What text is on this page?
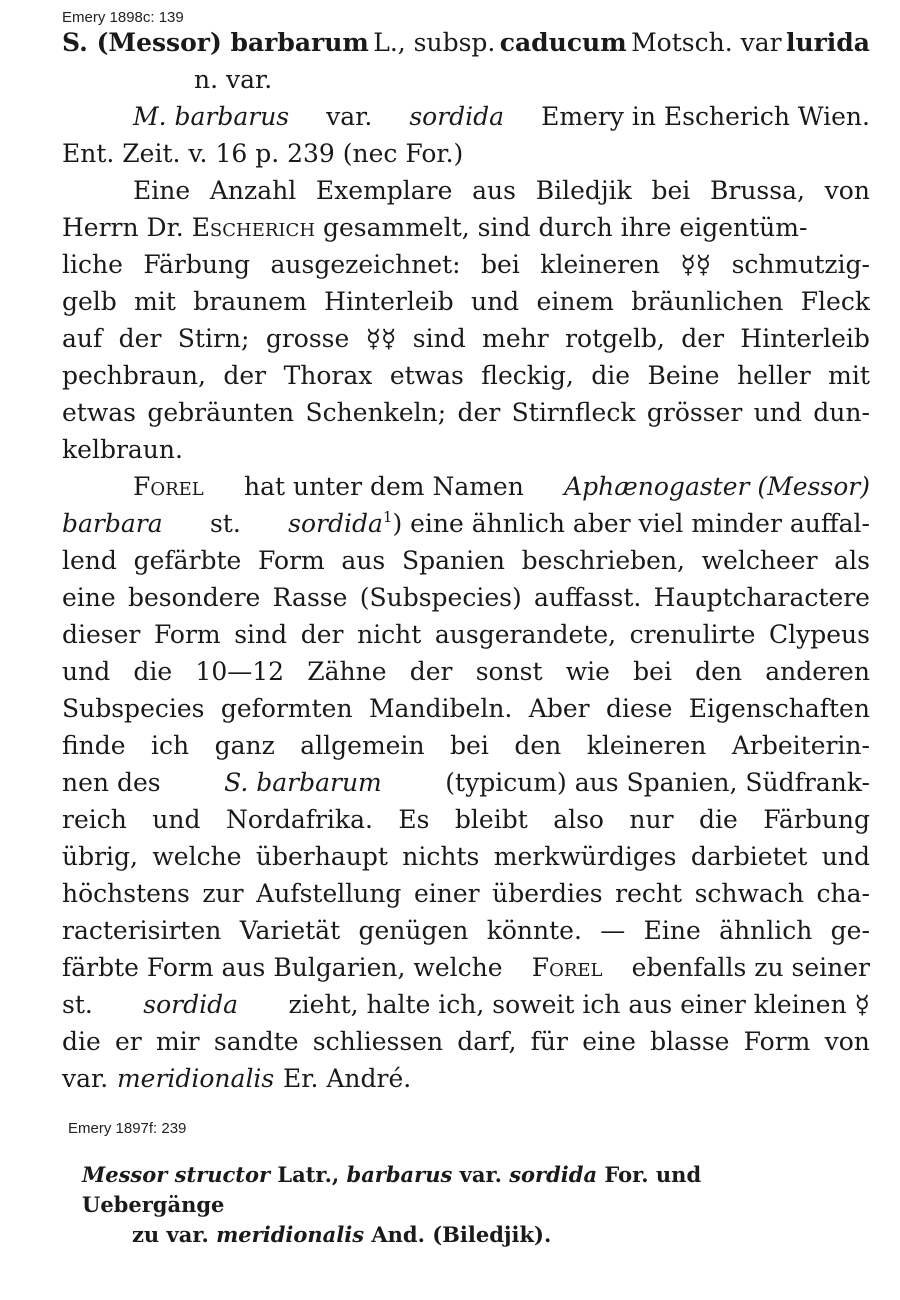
Emery 1898c: 139
S. (Messor) barbarum L., subsp. caducum Motsch. var lurida
n. var.
M. barbarus var. sordida Emery in Escherich Wien.
Ent. Zeit. v. 16 p. 239 (nec For.)
Eine Anzahl Exemplare aus Biledjik bei Brussa, von
Herrn Dr. Escherich gesammelt, sind durch ihre eigentüm-
liche Färbung ausgezeichnet: bei kleineren ☿☿ schmutzig-
gelb mit braunem Hinterleib und einem bräunlichen Fleck
auf der Stirn; grosse ☿☿ sind mehr rotgelb, der Hinterleib
pechbraun, der Thorax etwas fleckig, die Beine heller mit
etwas gebräunten Schenkeln; der Stirnfleck grösser und dun-
kelbraun.
Forel hat unter dem Namen Aphænogaster (Messor)
barbara st. sordida$^1$) eine ähnlich aber viel minder auffal-
lend gefärbte Form aus Spanien beschrieben, welcheer als
eine besondere Rasse (Subspecies) auffasst. Hauptcharactere
dieser Form sind der nicht ausgerandete, crenulirte Clypeus
und die 10—12 Zähne der sonst wie bei den anderen
Subspecies geformten Mandibeln. Aber diese Eigenschaften
finde ich ganz allgemein bei den kleineren Arbeiterin-
nen des	S. barbarum	(typicum) aus Spanien, Südfrank-
reich und Nordafrika. Es bleibt also nur die Färbung
übrig, welche überhaupt nichts merkwürdiges darbietet und
höchstens zur Aufstellung einer überdies recht schwach cha-
racterisirten Varietät genügen könnte. — Eine ähnlich ge-
färbte Form aus Bulgarien, welche Forel ebenfalls zu seiner
st. sordida zieht, halte ich, soweit ich aus einer kleinen ☿
die er mir sandte schliessen darf, für eine blasse Form von
var. meridionalis Er. André.
Emery 1897f: 239
Messor structor Latr., barbarus var. sordida For. und Uebergänge
zu var. meridionalis And. (Biledjik).
